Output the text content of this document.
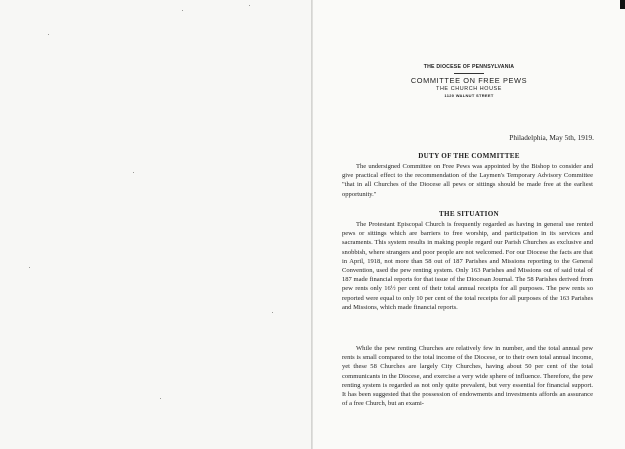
THE DIOCESE OF PENNSYLVANIA
COMMITTEE ON FREE PEWS
THE CHURCH HOUSE
1120 WALNUT STREET
Philadelphia, May 5th, 1919.
DUTY OF THE COMMITTEE

The undersigned Committee on Free Pews was appointed by the Bishop to consider and give practical effect to the recommendation of the Laymen's Temporary Advisory Committee "that in all Churches of the Diocese all pews or sittings should be made free at the earliest opportunity."

THE SITUATION

The Protestant Episcopal Church is frequently regarded as having in general use rented pews or sittings which are barriers to free worship, and participation in its services and sacraments. This system results in making people regard our Parish Churches as exclusive and snobbish, where strangers and poor people are not welcomed. For our Diocese the facts are that in April, 1918, not more than 58 out of 187 Parishes and Missions reporting to the General Convention, used the pew renting system. Only 163 Parishes and Missions out of said total of 187 made financial reports for that issue of the Diocesan Journal. The 58 Parishes derived from pew rents only 16½ per cent of their total annual receipts for all purposes. The pew rents so reported were equal to only 10 per cent of the total receipts for all purposes of the 163 Parishes and Missions, which made financial reports.

While the pew renting Churches are relatively few in number, and the total annual pew rents is small compared to the total income of the Diocese, or to their own total annual income, yet these 58 Churches are largely City Churches, having about 50 per cent of the total communicants in the Diocese, and exercise a very wide sphere of influence. Therefore, the pew renting system is regarded as not only quite prevalent, but very essential for financial support. It has been suggested that the possession of endowments and investments affords an assurance of a free Church, but an exami-
